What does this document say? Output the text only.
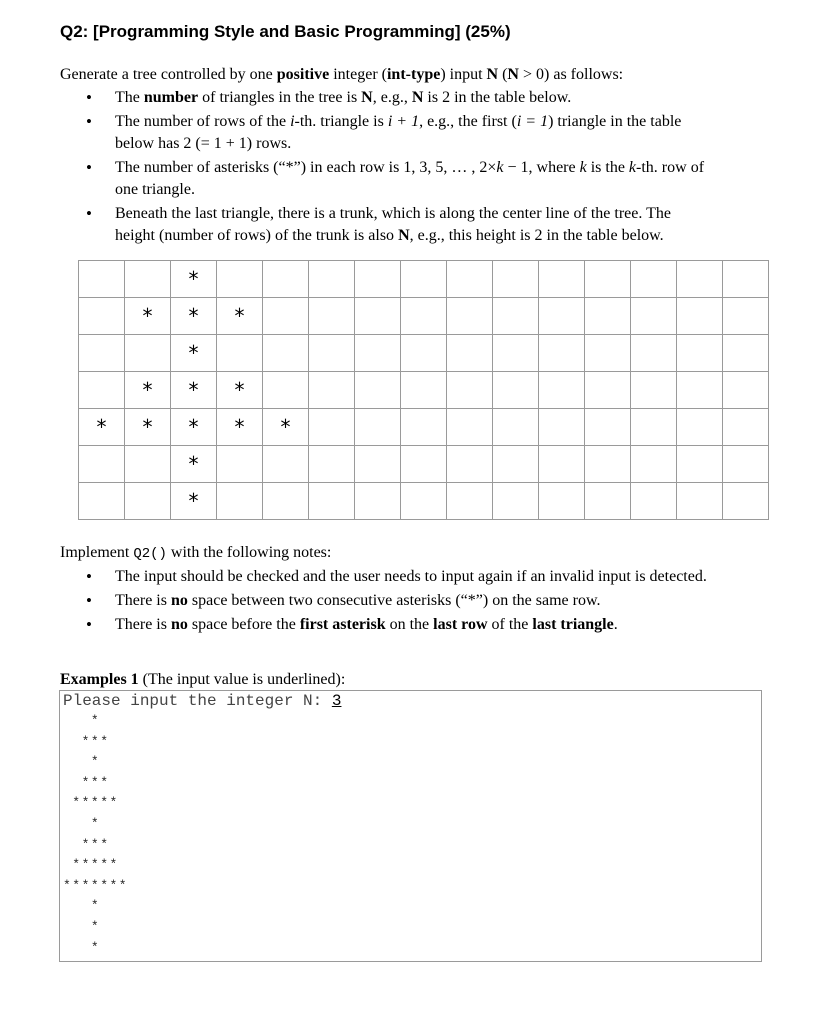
Q2: [Programming Style and Basic Programming] (25%)
Generate a tree controlled by one positive integer (int-type) input N (N > 0) as follows:
• The number of triangles in the tree is N, e.g., N is 2 in the table below.
• The number of rows of the i-th. triangle is i + 1, e.g., the first (i = 1) triangle in the table
below has 2 (= 1 + 1) rows.
• The number of asterisks (“*”) in each row is 1, 3, 5, … , 2×k − 1, where k is the k-th. row of
one triangle.
• Beneath the last triangle, there is a trunk, which is along the center line of the tree. The
height (number of rows) of the trunk is also N, e.g., this height is 2 in the table below.
		*												
	*	*	*											
		*												
	*	*	*											
*	*	*	*	*										
		*												
		*												
Implement Q2() with the following notes:
• The input should be checked and the user needs to input again if an invalid input is detected.
• There is no space between two consecutive asterisks (“*”) on the same row.
• There is no space before the first asterisk on the last row of the last triangle.
Examples 1 (The input value is underlined):
Please input the integer N: 3
*
***
*
***
*****
*
***
*****
*******
*
*
*
